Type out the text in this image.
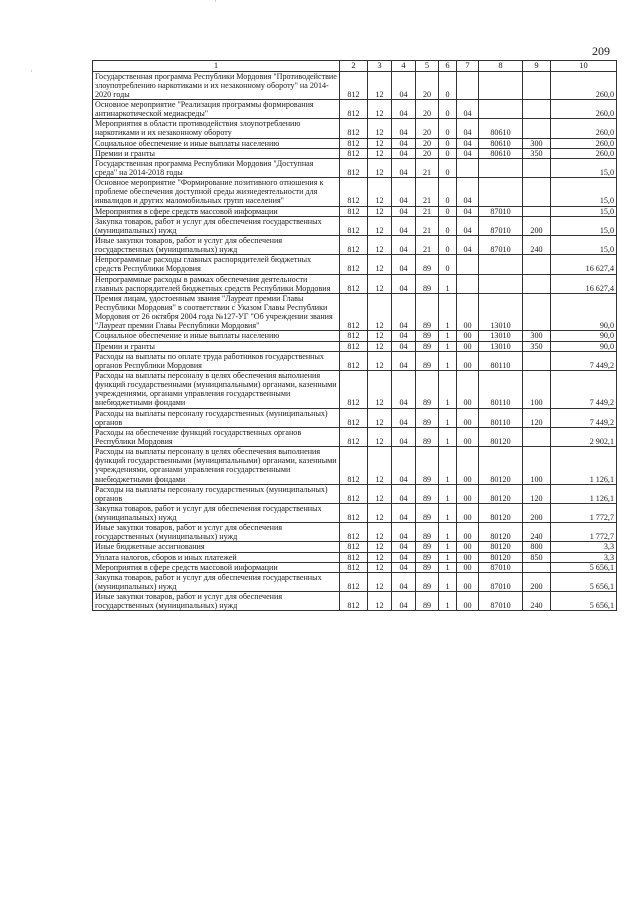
·
·
209
1	2	3	4	5	6	7	8	9	10
Государственная программа Республики Мордовия "Противодействие злоупотреблению наркотиками и их незаконному обороту" на 2014-2020 годы	812	12	04	20	0				260,0
Основное мероприятие "Реализация программы формирования антинаркотической медиасреды"	812	12	04	20	0	04			260,0
Мероприятия в области противодействия злоупотреблению наркотиками и их незаконному обороту	812	12	04	20	0	04	80610		260,0
Социальное обеспечение и иные выплаты населению	812	12	04	20	0	04	80610	300	260,0
Премии и гранты	812	12	04	20	0	04	80610	350	260,0
Государственная программа Республики Мордовия "Доступная среда" на 2014-2018 годы	812	12	04	21	0				15,0
Основное мероприятие "Формирование позитивного отношения к проблеме обеспечения доступной среды жизнедеятельности для инвалидов и других маломобильных групп населения"	812	12	04	21	0	04			15,0
Мероприятия в сфере средств массовой информации	812	12	04	21	0	04	87010		15,0
Закупка товаров, работ и услуг для обеспечения государственных (муниципальных) нужд	812	12	04	21	0	04	87010	200	15,0
Иные закупки товаров, работ и услуг для обеспечения государственных (муниципальных) нужд	812	12	04	21	0	04	87010	240	15,0
Непрограммные расходы главных распорядителей бюджетных средств Республики Мордовия	812	12	04	89	0				16 627,4
Непрограммные расходы в рамках обеспечения деятельности главных распорядителей бюджетных средств Республики Мордовия	812	12	04	89	1				16 627,4
Премия лицам, удостоенным звания "Лауреат премии Главы Республики Мордовия" в соответствии с Указом Главы Республики Мордовия от 26 октября 2004 года №127-УГ "Об учреждении звания "Лауреат премии Главы Республики Мордовия"	812	12	04	89	1	00	13010		90,0
Социальное обеспечение и иные выплаты населению	812	12	04	89	1	00	13010	300	90,0
Премии и гранты	812	12	04	89	1	00	13010	350	90,0
Расходы на выплаты по оплате труда работников государственных органов Республики Мордовия	812	12	04	89	1	00	80110		7 449,2
Расходы на выплаты персоналу в целях обеспечения выполнения функций государственными (муниципальными) органами, казенными учреждениями, органами управления государственными внебюджетными фондами	812	12	04	89	1	00	80110	100	7 449,2
Расходы на выплаты персоналу государственных (муниципальных) органов	812	12	04	89	1	00	80110	120	7 449,2
Расходы на обеспечение функций государственных органов Республики Мордовия	812	12	04	89	1	00	80120		2 902,1
Расходы на выплаты персоналу в целях обеспечения выполнения функций государственными (муниципальными) органами, казенными учреждениями, органами управления государственными внебюджетными фондами	812	12	04	89	1	00	80120	100	1 126,1
Расходы на выплаты персоналу государственных (муниципальных) органов	812	12	04	89	1	00	80120	120	1 126,1
Закупка товаров, работ и услуг для обеспечения государственных (муниципальных) нужд	812	12	04	89	1	00	80120	200	1 772,7
Иные закупки товаров, работ и услуг для обеспечения государственных (муниципальных) нужд	812	12	04	89	1	00	80120	240	1 772,7
Иные бюджетные ассигнования	812	12	04	89	1	00	80120	800	3,3
Уплата налогов, сборов и иных платежей	812	12	04	89	1	00	80120	850	3,3
Мероприятия в сфере средств массовой информации	812	12	04	89	1	00	87010		5 656,1
Закупка товаров, работ и услуг для обеспечения государственных (муниципальных) нужд	812	12	04	89	1	00	87010	200	5 656,1
Иные закупки товаров, работ и услуг для обеспечения государственных (муниципальных) нужд	812	12	04	89	1	00	87010	240	5 656,1
